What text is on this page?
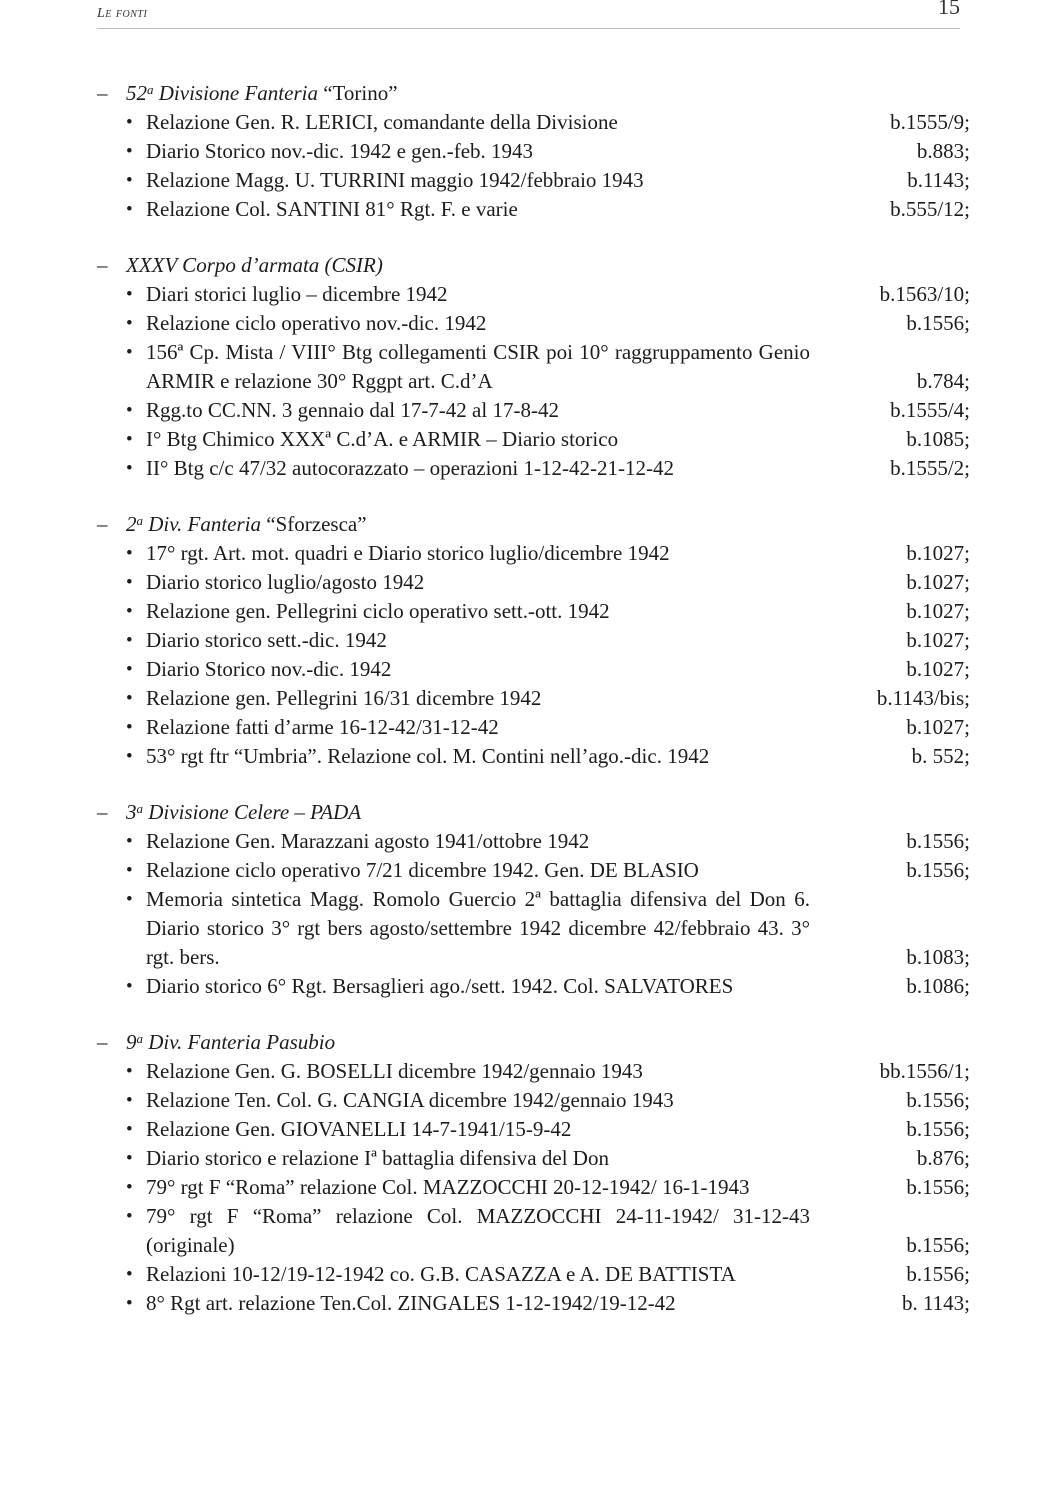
Le fonti	15
– 52$^a$ Divisione Fanteria “Torino”
• Relazione Gen. R. LERICI, comandante della Divisione	b.1555/9;
• Diario Storico nov.-dic. 1942 e gen.-feb. 1943	b.883;
• Relazione Magg. U. TURRINI maggio 1942/febbraio 1943	b.1143;
• Relazione Col. SANTINI 81° Rgt. F. e varie	b.555/12;
– XXXV Corpo d’armata (CSIR)
• Diari storici luglio – dicembre 1942	b.1563/10;
• Relazione ciclo operativo nov.-dic. 1942	b.1556;
• 156ª Cp. Mista / VIII° Btg collegamenti CSIR poi 10° raggruppamento Genio ARMIR e relazione 30° Rggpt art. C.d’A	b.784;
• Rgg.to CC.NN. 3 gennaio dal 17-7-42 al 17-8-42	b.1555/4;
• I° Btg Chimico XXXª C.d’A. e ARMIR – Diario storico	b.1085;
• II° Btg c/c 47/32 autocorazzato – operazioni 1-12-42-21-12-42	b.1555/2;
– 2$^a$ Div. Fanteria “Sforzesca”
• 17° rgt. Art. mot. quadri e Diario storico luglio/dicembre 1942	b.1027;
• Diario storico luglio/agosto 1942	b.1027;
• Relazione gen. Pellegrini ciclo operativo sett.-ott. 1942	b.1027;
• Diario storico sett.-dic. 1942	b.1027;
• Diario Storico nov.-dic. 1942	b.1027;
• Relazione gen. Pellegrini 16/31 dicembre 1942	b.1143/bis;
• Relazione fatti d’arme 16-12-42/31-12-42	b.1027;
• 53° rgt ftr “Umbria”. Relazione col. M. Contini nell’ago.-dic. 1942	b. 552;
– 3$^a$ Divisione Celere – PADA
• Relazione Gen. Marazzani agosto 1941/ottobre 1942	b.1556;
• Relazione ciclo operativo 7/21 dicembre 1942. Gen. DE BLASIO	b.1556;
• Memoria sintetica Magg. Romolo Guercio 2ª battaglia difensiva del Don 6. Diario storico 3° rgt bers agosto/settembre 1942 dicembre 42/febbraio 43. 3° rgt. bers.	b.1083;
• Diario storico 6° Rgt. Bersaglieri ago./sett. 1942. Col. SALVATORES	b.1086;
– 9$^a$ Div. Fanteria Pasubio
• Relazione Gen. G. BOSELLI dicembre 1942/gennaio 1943	bb.1556/1;
• Relazione Ten. Col. G. CANGIA dicembre 1942/gennaio 1943	b.1556;
• Relazione Gen. GIOVANELLI 14-7-1941/15-9-42	b.1556;
• Diario storico e relazione Iª battaglia difensiva del Don	b.876;
• 79° rgt F “Roma” relazione Col. MAZZOCCHI 20-12-1942/ 16-1-1943	b.1556;
• 79° rgt F “Roma” relazione Col. MAZZOCCHI 24-11-1942/ 31-12-43 (originale)	b.1556;
• Relazioni 10-12/19-12-1942 co. G.B. CASAZZA e A. DE BATTISTA	b.1556;
• 8° Rgt art. relazione Ten.Col. ZINGALES 1-12-1942/19-12-42	b. 1143;
